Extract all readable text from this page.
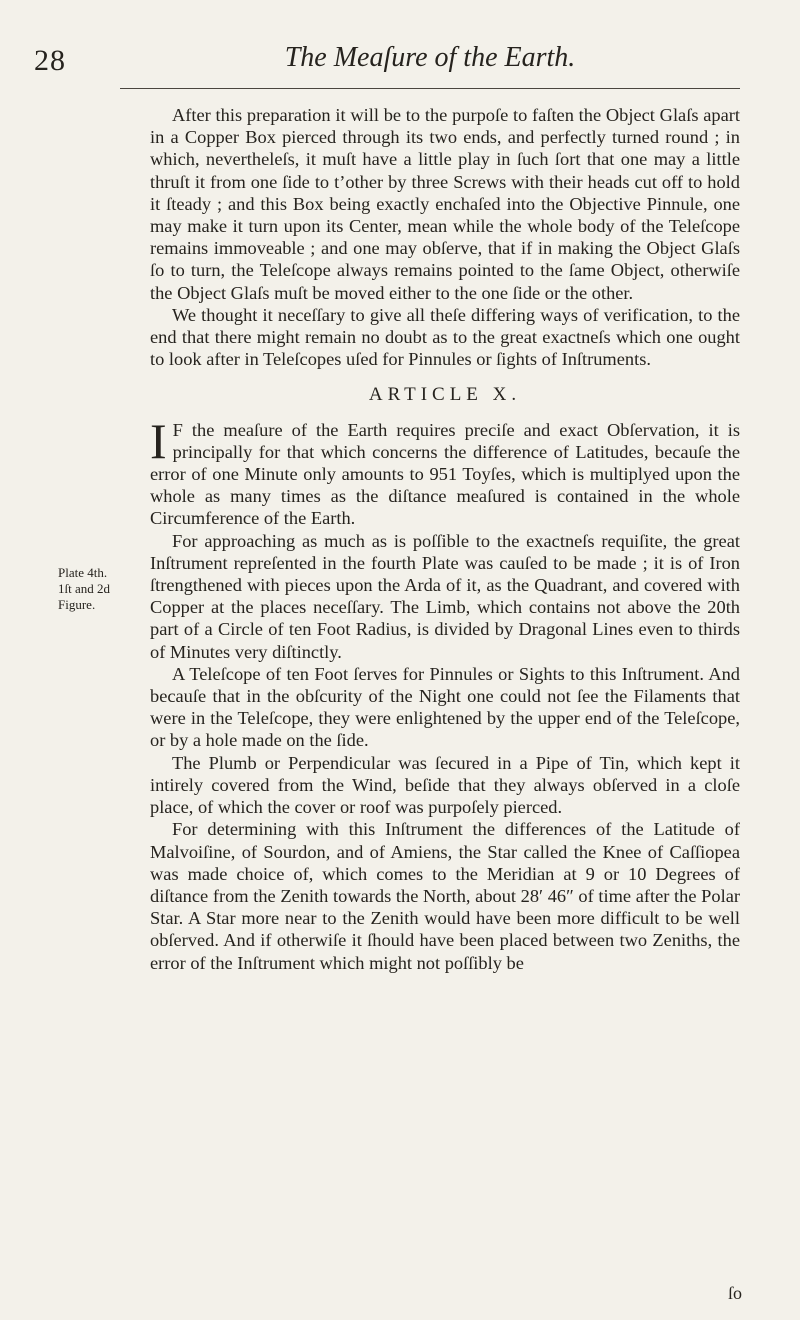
28	The Meaſure of the Earth.
Plate 4th.
1ſt and 2d
Figure.

After this preparation it will be to the purpoſe to faſten the Object Glaſs apart in a Copper Box pierced through its two ends, and perfectly turned round ; in which, nevertheleſs, it muſt have a little play in ſuch ſort that one may a little thruſt it from one ſide to t’other by three Screws with their heads cut off to hold it ſteady ; and this Box being exactly enchaſed into the Objective Pinnule, one may make it turn upon its Center, mean while the whole body of the Teleſcope remains immoveable ; and one may obſerve, that if in making the Object Glaſs ſo to turn, the Teleſcope always remains pointed to the ſame Object, otherwiſe the Object Glaſs muſt be moved either to the one ſide or the other.

We thought it neceſſary to give all theſe differing ways of verification, to the end that there might remain no doubt as to the great exactneſs which one ought to look after in Teleſcopes uſed for Pinnules or ſights of Inſtruments.

ARTICLE X.

I F the meaſure of the Earth requires preciſe and exact Obſervation, it is principally for that which concerns the difference of Latitudes, becauſe the error of one Minute only amounts to 951 Toyſes, which is multiplyed upon the whole as many times as the diſtance meaſured is contained in the whole Circumference of the Earth.

For approaching as much as is poſſible to the exactneſs requiſite, the great Inſtrument repreſented in the fourth Plate was cauſed to be made ; it is of Iron ſtrengthened with pieces upon the Arda of it, as the Quadrant, and covered with Copper at the places neceſſary. The Limb, which contains not above the 20th part of a Circle of ten Foot Radius, is divided by Dragonal Lines even to thirds of Minutes very diſtinctly.

A Teleſcope of ten Foot ſerves for Pinnules or Sights to this Inſtrument. And becauſe that in the obſcurity of the Night one could not ſee the Filaments that were in the Teleſcope, they were enlightened by the upper end of the Teleſcope, or by a hole made on the ſide.

The Plumb or Perpendicular was ſecured in a Pipe of Tin, which kept it intirely covered from the Wind, beſide that they always obſerved in a cloſe place, of which the cover or roof was purpoſely pierced.

For determining with this Inſtrument the differences of the Latitude of Malvoiſine, of Sourdon, and of Amiens, the Star called the Knee of Caſſiopea was made choice of, which comes to the Meridian at 9 or 10 Degrees of diſtance from the Zenith towards the North, about 28′ 46″ of time after the Polar Star. A Star more near to the Zenith would have been more difficult to be well obſerved. And if otherwiſe it ſhould have been placed between two Zeniths, the error of the Inſtrument which might not poſſibly be

ſo
